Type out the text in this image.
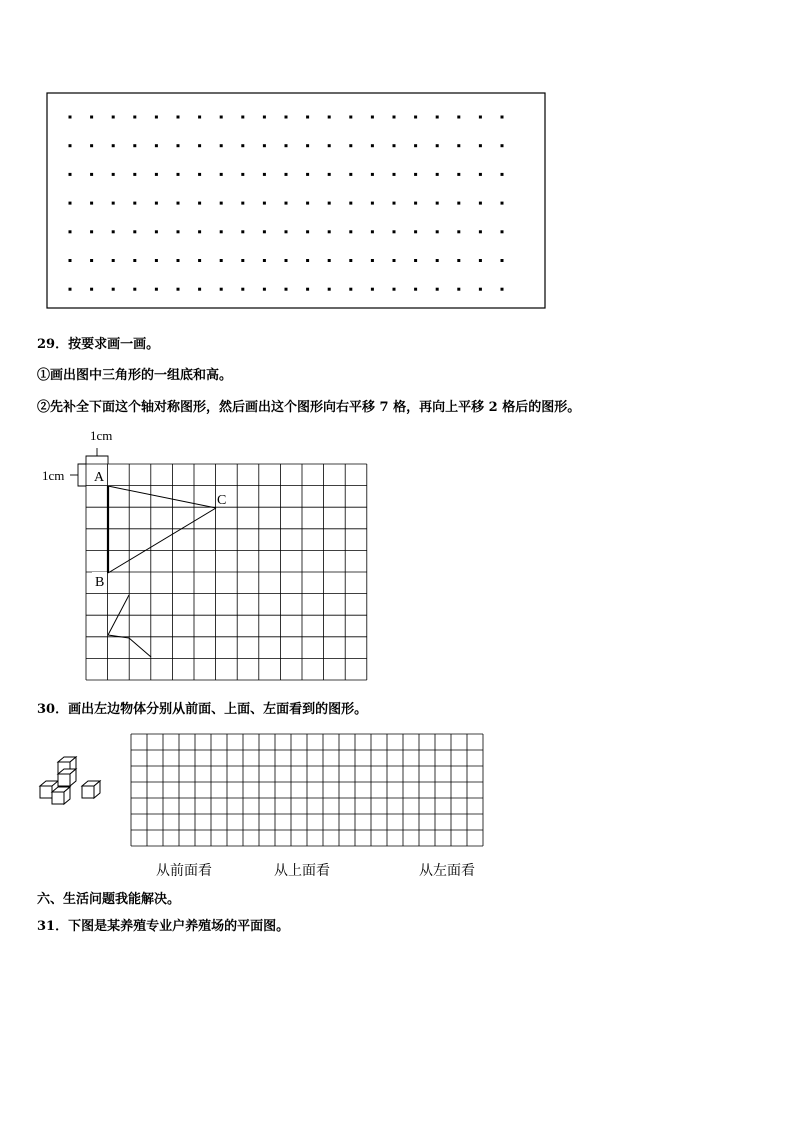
29．按要求画一画。
①画出图中三角形的一组底和高。
②先补全下面这个轴对称图形，然后画出这个图形向右平移 7 格，再向上平移 2 格后的图形。
1cm
1cm A
C
B
30．画出左边物体分别从前面、上面、左面看到的图形。
从前面看	从上面看	从左面看
六、生活问题我能解决。
31．下图是某养殖专业户养殖场的平面图。
